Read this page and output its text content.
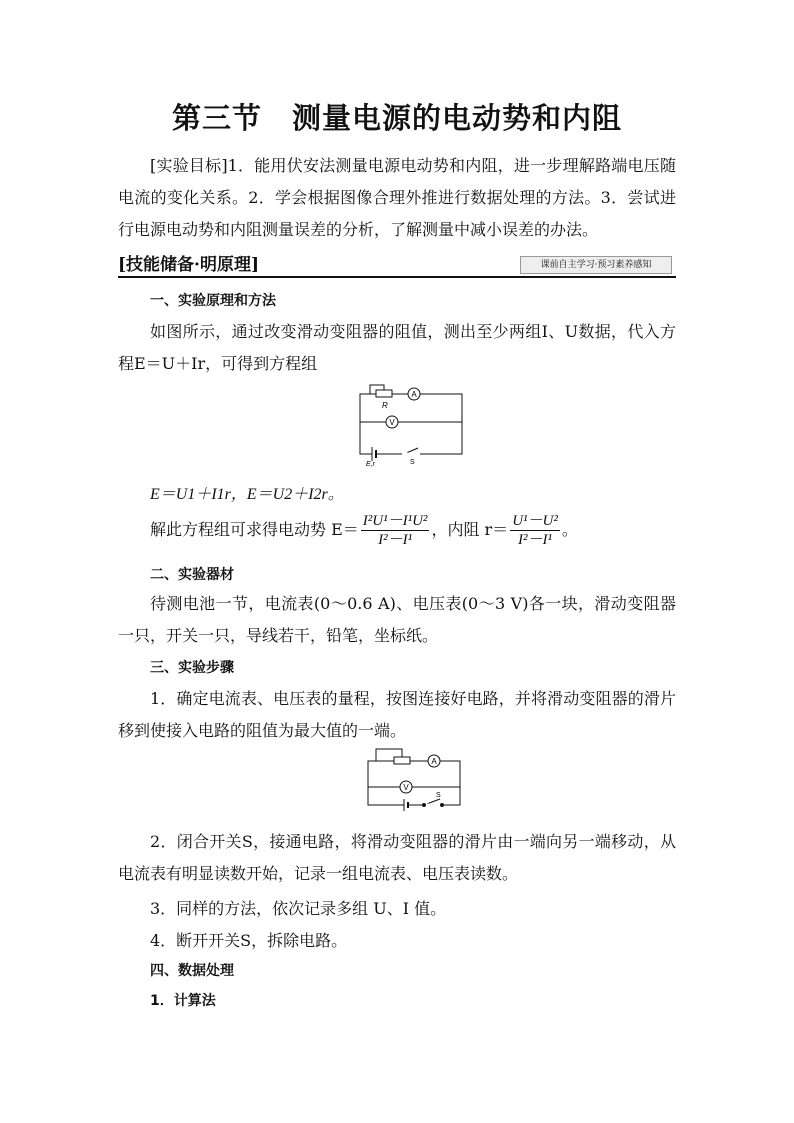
第三节　测量电源的电动势和内阻
[实验目标]1．能用伏安法测量电源电动势和内阻，进一步理解路端电压随电流的变化关系。2．学会根据图像合理外推进行数据处理的方法。3．尝试进行电源电动势和内阻测量误差的分析，了解测量中减小误差的办法。
[技能储备·明原理]	课前自主学习·预习素养感知
一、实验原理和方法
如图所示，通过改变滑动变阻器的阻值，测出至少两组I、U数据，代入方程E＝U＋Ir，可得到方程组
A
V
R
E,r	S
E＝U1＋I1r，E＝U2＋I2r。
解此方程组可求得电动势 $E= \frac{\text{I²U¹－I¹U²}}{\text{I²－I¹}}$ ，内阻 $r= \frac{\text{U¹－U²}}{\text{I²－I¹}}$ 。
二、实验器材
待测电池一节，电流表(0～0.6 A)、电压表(0～3 V)各一块，滑动变阻器一只，开关一只，导线若干，铅笔，坐标纸。
三、实验步骤
1．确定电流表、电压表的量程，按图连接好电路，并将滑动变阻器的滑片移到使接入电路的阻值为最大值的一端。
A
V
S
2．闭合开关S，接通电路，将滑动变阻器的滑片由一端向另一端移动，从电流表有明显读数开始，记录一组电流表、电压表读数。
3．同样的方法，依次记录多组 U、I 值。
4．断开开关S，拆除电路。
四、数据处理
1．计算法
